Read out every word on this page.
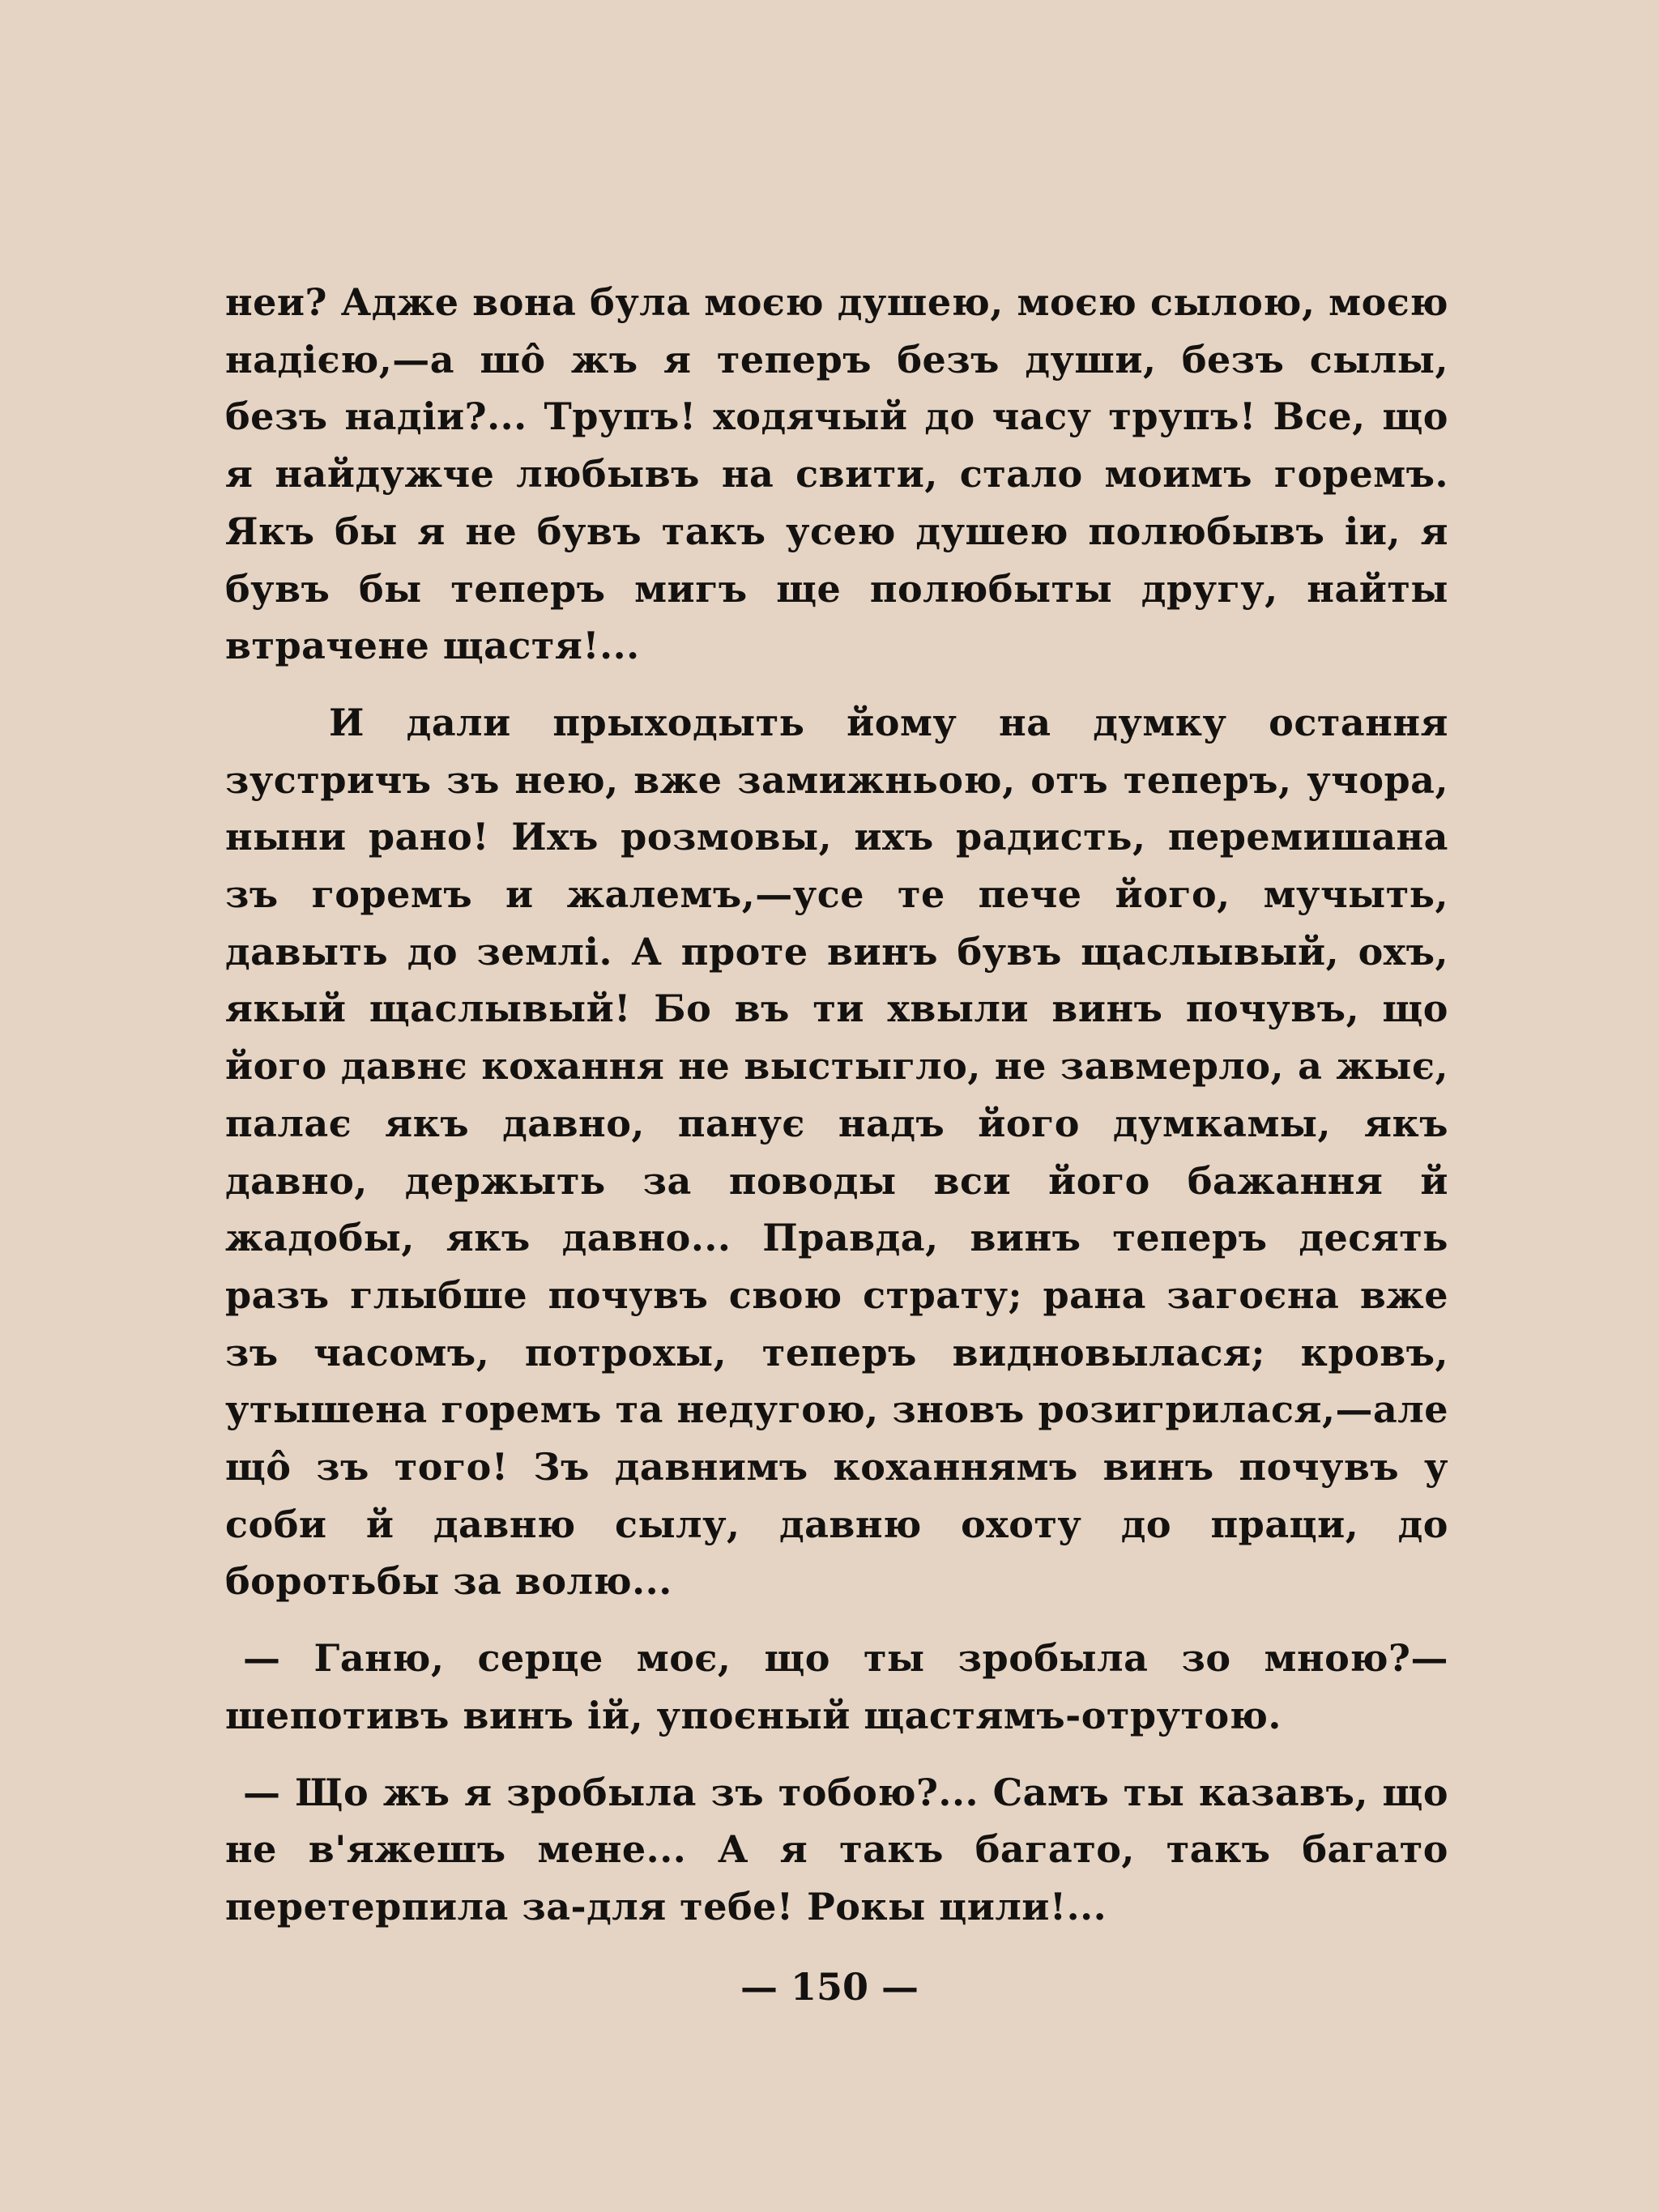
неи? Адже вона була моєю душею, моєю сылою, моєю надією,—а шô жъ я теперъ безъ души, безъ сылы, безъ надіи?... Трупъ! ходячый до часу трупъ! Все, що я найдужче любывъ на свити, стало моимъ горемъ. Якъ бы я не бувъ такъ усею душею полюбывъ іи, я бувъ бы теперъ мигъ ще полюбыты другу, найты втрачене щастя!...

И дали прыходыть йому на думку остання зустричъ зъ нею, вже замижньою, отъ теперъ, учора, ныни рано! Ихъ розмовы, ихъ радисть, перемишана зъ горемъ и жалемъ,—усе те пече його, мучыть, давыть до землі. А проте винъ бувъ щаслывый, охъ, якый щаслывый! Бо въ ти хвыли винъ почувъ, що його давнє кохання не выстыгло, не завмерло, а жыє, палає якъ давно, панує надъ його думкамы, якъ давно, держыть за поводы вси його бажання й жадобы, якъ давно... Правда, винъ теперъ десять разъ глыбше почувъ свою страту; рана загоєна вже зъ часомъ, потрохы, теперъ видновылася; кровъ, утышена горемъ та недугою, зновъ розигрилася,—але щô зъ того! Зъ давнимъ коханнямъ винъ почувъ у соби й давню сылу, давню охоту до праци, до боротьбы за волю...

— Ганю, серце моє, що ты зробыла зо мною?—шепотивъ винъ ій, упоєный щастямъ-отрутою.

— Що жъ я зробыла зъ тобою?... Самъ ты казавъ, що не в'яжешъ мене... А я такъ багато, такъ багато перетерпила за-для тебе! Рокы цили!...

— 150 —
